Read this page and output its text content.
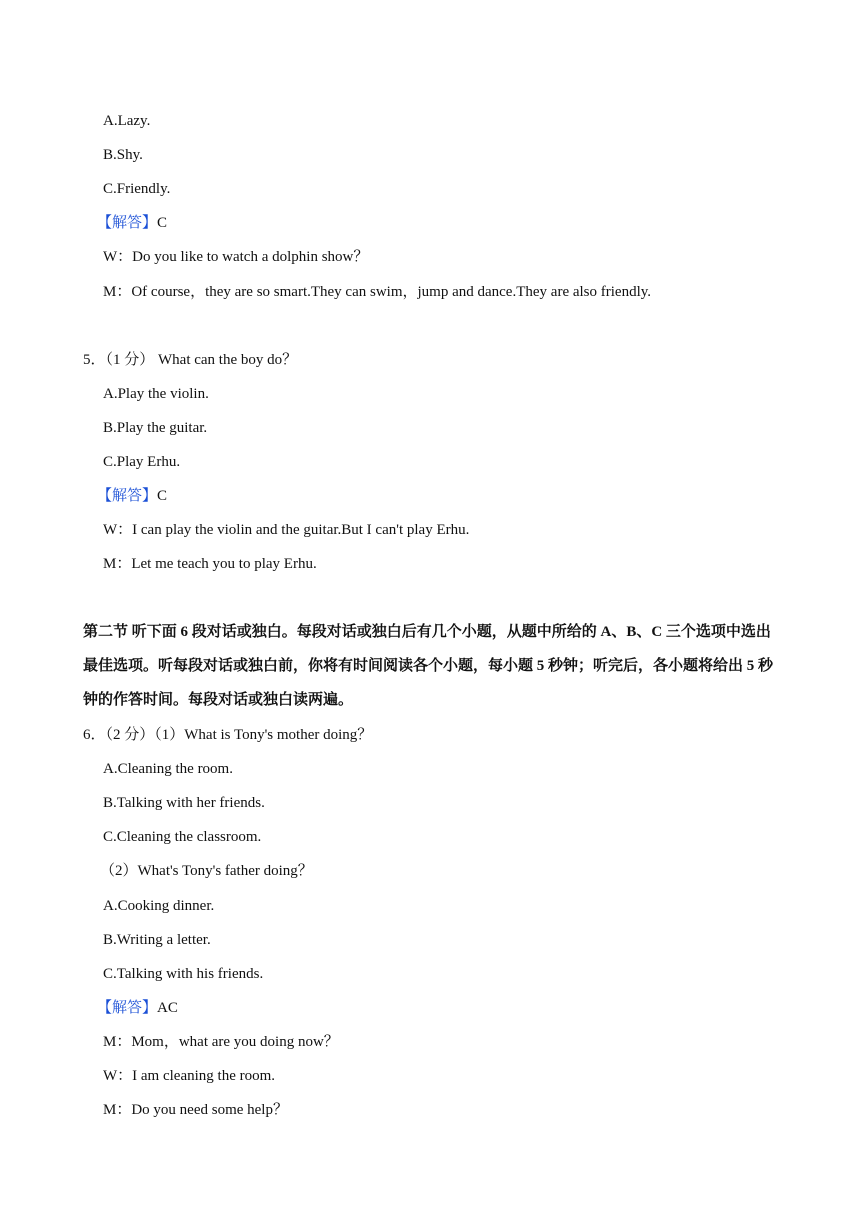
A.Lazy.
B.Shy.
C.Friendly.
【解答】C
W：Do you like to watch a dolphin show？
M：Of course，they are so smart.They can swim，jump and dance.They are also friendly.
5．（1 分） What can the boy do？
A.Play the violin.
B.Play the guitar.
C.Play Erhu.
【解答】C
W：I can play the violin and the guitar.But I can't play Erhu.
M：Let me teach you to play Erhu.
第二节 听下面 6 段对话或独白。每段对话或独白后有几个小题，从题中所给的 A、B、C 三个选项中选出
最佳选项。听每段对话或独白前，你将有时间阅读各个小题，每小题 5 秒钟；听完后，各小题将给出 5 秒
钟的作答时间。每段对话或独白读两遍。
6．（2 分）（1）What is Tony's mother doing？
A.Cleaning the room.
B.Talking with her friends.
C.Cleaning the classroom.
（2）What's Tony's father doing？
A.Cooking dinner.
B.Writing a letter.
C.Talking with his friends.
【解答】AC
M：Mom，what are you doing now？
W：I am cleaning the room.
M：Do you need some help？
